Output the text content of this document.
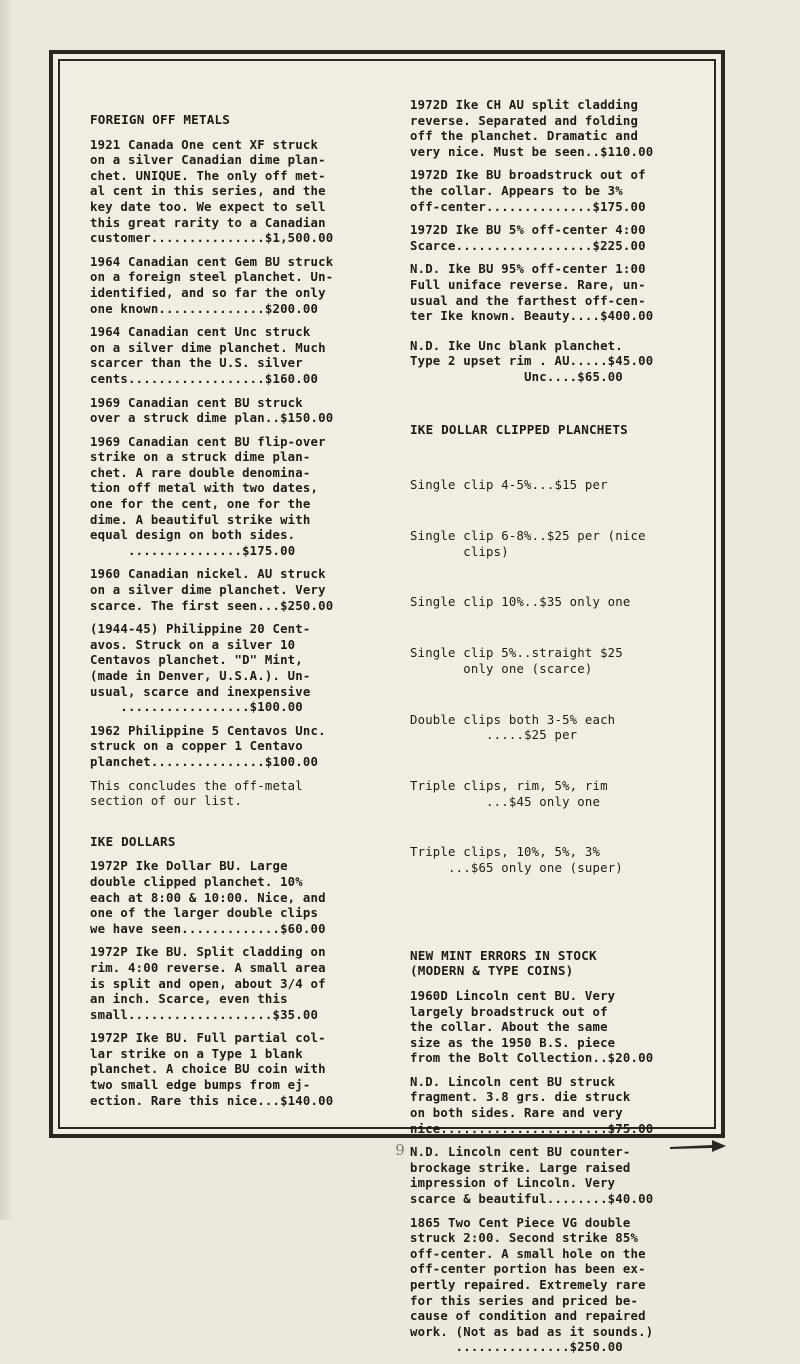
FOREIGN OFF METALS
1921 Canada One cent XF struck
on a silver Canadian dime plan-
chet. UNIQUE. The only off met-
al cent in this series, and the
key date too. We expect to sell
this great rarity to a Canadian
customer...............$1,500.00
1964 Canadian cent Gem BU struck
on a foreign steel planchet. Un-
identified, and so far the only
one known..............$200.00
1964 Canadian cent Unc struck
on a silver dime planchet. Much
scarcer than the U.S. silver
cents..................$160.00
1969 Canadian cent BU struck
over a struck dime plan..$150.00
1969 Canadian cent BU flip-over
strike on a struck dime plan-
chet. A rare double denomina-
tion off metal with two dates,
one for the cent, one for the
dime. A beautiful strike with
equal design on both sides.
...............$175.00
1960 Canadian nickel. AU struck
on a silver dime planchet. Very
scarce. The first seen...$250.00
(1944-45) Philippine 20 Cent-
avos. Struck on a silver 10
Centavos planchet. "D" Mint,
(made in Denver, U.S.A.). Un-
usual, scarce and inexpensive
.................$100.00
1962 Philippine 5 Centavos Unc.
struck on a copper 1 Centavo
planchet...............$100.00
This concludes the off-metal
section of our list.
IKE DOLLARS
1972P Ike Dollar BU. Large
double clipped planchet. 10%
each at 8:00 & 10:00. Nice, and
one of the larger double clips
we have seen.............$60.00
1972P Ike BU. Split cladding on
rim. 4:00 reverse. A small area
is split and open, about 3/4 of
an inch. Scarce, even this
small...................$35.00
1972P Ike BU. Full partial col-
lar strike on a Type 1 blank
planchet. A choice BU coin with
two small edge bumps from ej-
ection. Rare this nice...$140.00
1972D Ike CH AU split cladding
reverse. Separated and folding
off the planchet. Dramatic and
very nice. Must be seen..$110.00
1972D Ike BU broadstruck out of
the collar. Appears to be 3%
off-center..............$175.00
1972D Ike BU 5% off-center 4:00
Scarce..................$225.00
N.D. Ike BU 95% off-center 1:00
Full uniface reverse. Rare, un-
usual and the farthest off-cen-
ter Ike known. Beauty....$400.00
N.D. Ike Unc blank planchet.
Type 2 upset rim . AU.....$45.00
Unc....$65.00
IKE DOLLAR CLIPPED PLANCHETS

Single clip 4-5%...$15 per

Single clip 6-8%..$25 per (nice
clips)

Single clip 10%..$35 only one

Single clip 5%..straight $25
only one (scarce)

Double clips both 3-5% each
.....$25 per

Triple clips, rim, 5%, rim
...$45 only one

Triple clips, 10%, 5%, 3%
...$65 only one (super)

NEW MINT ERRORS IN STOCK
(MODERN & TYPE COINS)
1960D Lincoln cent BU. Very
largely broadstruck out of
the collar. About the same
size as the 1950 B.S. piece
from the Bolt Collection..$20.00
N.D. Lincoln cent BU struck
fragment. 3.8 grs. die struck
on both sides. Rare and very
nice......................$75.00
N.D. Lincoln cent BU counter-
brockage strike. Large raised
impression of Lincoln. Very
scarce & beautiful........$40.00
1865 Two Cent Piece VG double
struck 2:00. Second strike 85%
off-center. A small hole on the
off-center portion has been ex-
pertly repaired. Extremely rare
for this series and priced be-
cause of condition and repaired
work. (Not as bad as it sounds.)
...............$250.00
9
